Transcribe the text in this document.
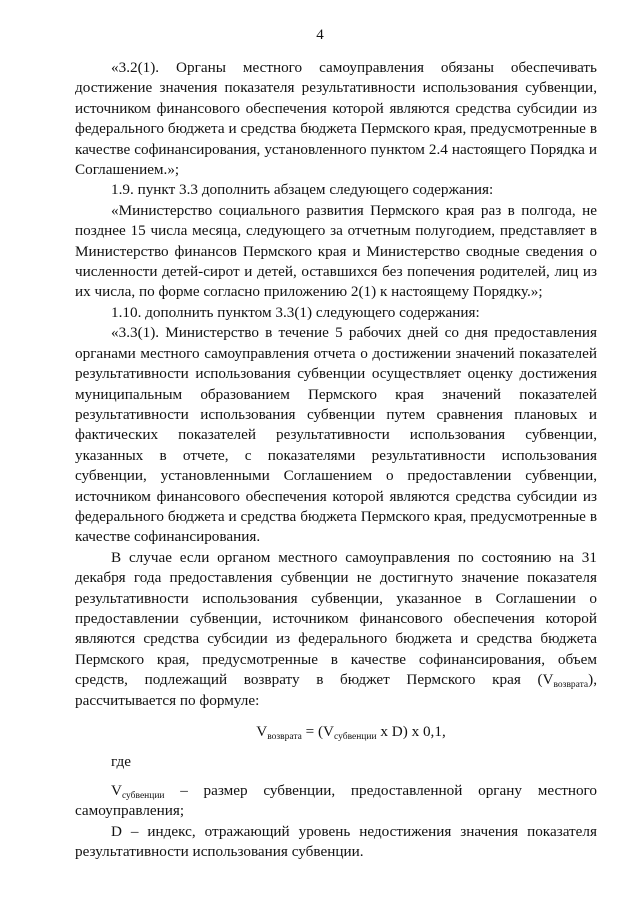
4

«3.2(1). Органы местного самоуправления обязаны обеспечивать достижение значения показателя результативности использования субвенции, источником финансового обеспечения которой являются средства субсидии из федерального бюджета и средства бюджета Пермского края, предусмотренные в качестве софинансирования, установленного пунктом 2.4 настоящего Порядка и Соглашением.»;

1.9. пункт 3.3 дополнить абзацем следующего содержания:

«Министерство социального развития Пермского края раз в полгода, не позднее 15 числа месяца, следующего за отчетным полугодием, представляет в Министерство финансов Пермского края и Министерство сводные сведения о численности детей-сирот и детей, оставшихся без попечения родителей, лиц из их числа, по форме согласно приложению 2(1) к настоящему Порядку.»;

1.10. дополнить пунктом 3.3(1) следующего содержания:

«3.3(1). Министерство в течение 5 рабочих дней со дня предоставления органами местного самоуправления отчета о достижении значений показателей результативности использования субвенции осуществляет оценку достижения муниципальным образованием Пермского края значений показателей результативности использования субвенции путем сравнения плановых и фактических показателей результативности использования субвенции, указанных в отчете, с показателями результативности использования субвенции, установленными Соглашением о предоставлении субвенции, источником финансового обеспечения которой являются средства субсидии из федерального бюджета и средства бюджета Пермского края, предусмотренные в качестве софинансирования.

В случае если органом местного самоуправления по состоянию на 31 декабря года предоставления субвенции не достигнуто значение показателя результативности использования субвенции, указанное в Соглашении о предоставлении субвенции, источником финансового обеспечения которой являются средства субсидии из федерального бюджета и средства бюджета Пермского края, предусмотренные в качестве софинансирования, объем средств, подлежащий возврату в бюджет Пермского края $(V_{возврата})$, рассчитывается по формуле:

$V_{возврата} = (V_{субвенции}$ x D) x 0,1,

где

$V_{субвенции}$ – размер субвенции, предоставленной органу местного самоуправления;

D – индекс, отражающий уровень недостижения значения показателя результативности использования субвенции.
